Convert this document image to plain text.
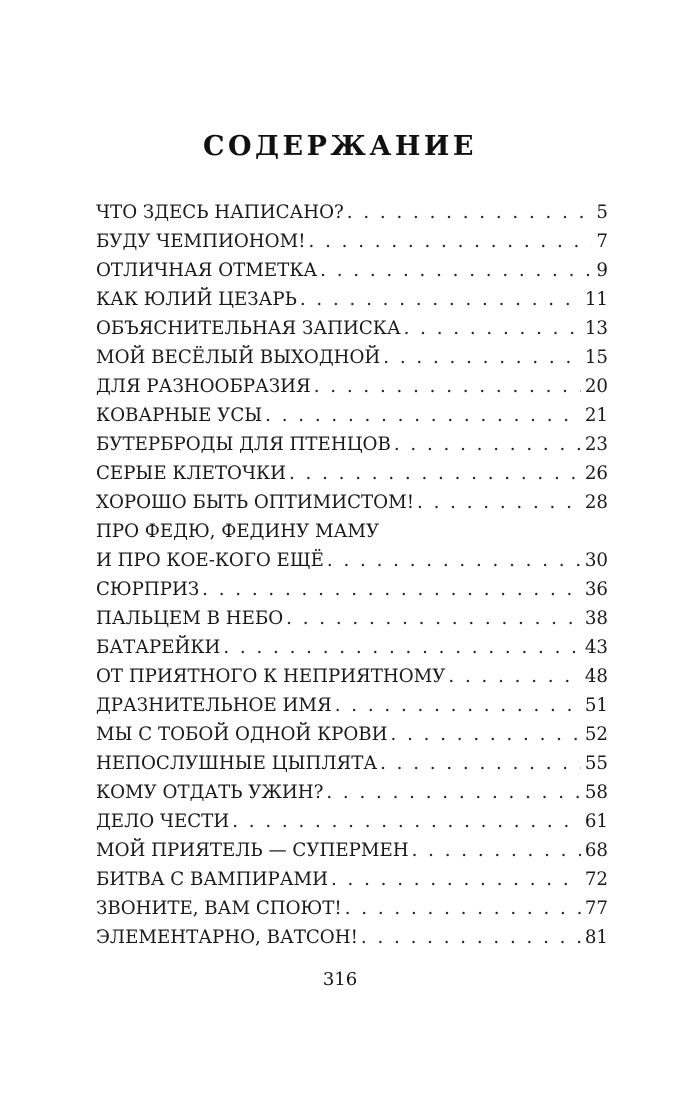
СОДЕРЖАНИЕ
ЧТО ЗДЕСЬ НАПИСАНО? . . .	5
БУДУ ЧЕМПИОНОМ! . . .	7
ОТЛИЧНАЯ ОТМЕТКА . . .	9
КАК ЮЛИЙ ЦЕЗАРЬ . . .	11
ОБЪЯСНИТЕЛЬНАЯ ЗАПИСКА . . .	13
МОЙ ВЕСЁЛЫЙ ВЫХОДНОЙ . . .	15
ДЛЯ РАЗНООБРАЗИЯ . . .	20
КОВАРНЫЕ УСЫ . . .	21
БУТЕРБРОДЫ ДЛЯ ПТЕНЦОВ . . .	23
СЕРЫЕ КЛЕТОЧКИ . . .	26
ХОРОШО БЫТЬ ОПТИМИСТОМ! . . .	28
ПРО ФЕДЮ, ФЕДИНУ МАМУ
И ПРО КОЕ-КОГО ЕЩЁ . . .	30
СЮРПРИЗ . . .	36
ПАЛЬЦЕМ В НЕБО . . .	38
БАТАРЕЙКИ . . .	43
ОТ ПРИЯТНОГО К НЕПРИЯТНОМУ . . .	48
ДРАЗНИТЕЛЬНОЕ ИМЯ . . .	51
МЫ С ТОБОЙ ОДНОЙ КРОВИ . . .	52
НЕПОСЛУШНЫЕ ЦЫПЛЯТА . . .	55
КОМУ ОТДАТЬ УЖИН? . . .	58
ДЕЛО ЧЕСТИ . . .	61
МОЙ ПРИЯТЕЛЬ — СУПЕРМЕН . . .	68
БИТВА С ВАМПИРАМИ . . .	72
ЗВОНИТЕ, ВАМ СПОЮТ! . . .	77
ЭЛЕМЕНТАРНО, ВАТСОН! . . .	81
316
